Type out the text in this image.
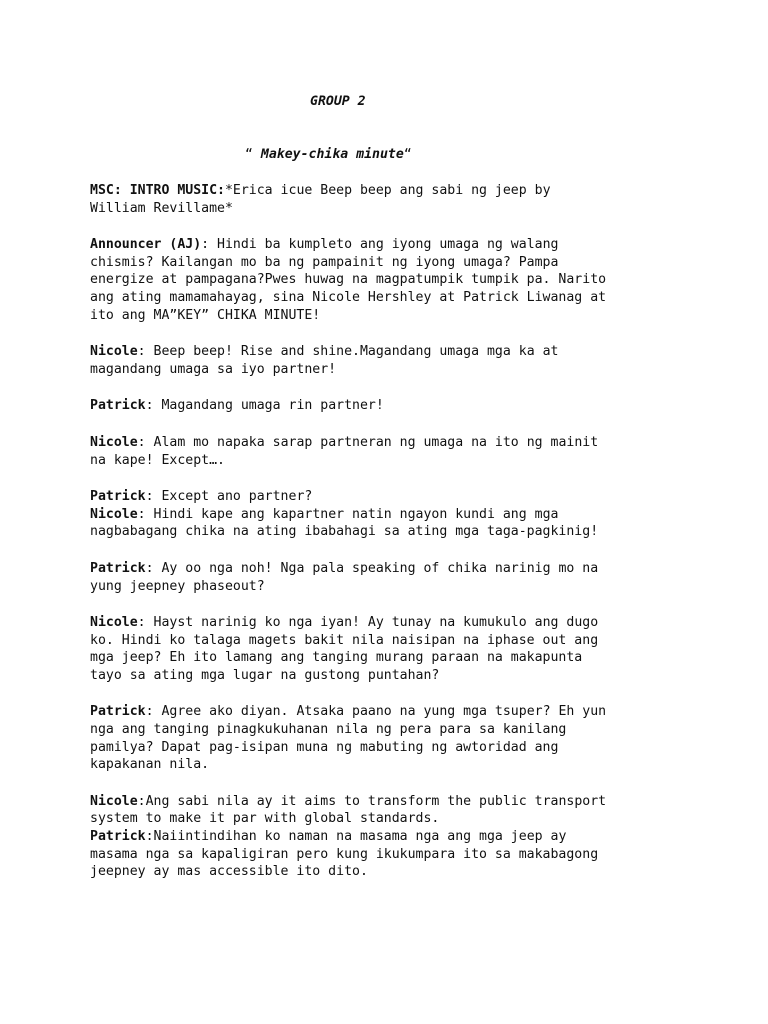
GROUP 2
“ Makey-chika minute“
MSC: INTRO MUSIC:*Erica icue Beep beep ang sabi ng jeep by
William Revillame*
Announcer (AJ): Hindi ba kumpleto ang iyong umaga ng walang
chismis? Kailangan mo ba ng pampainit ng iyong umaga? Pampa
energize at pampagana?Pwes huwag na magpatumpik tumpik pa. Narito
ang ating mamamahayag, sina Nicole Hershley at Patrick Liwanag at
ito ang MA”KEY” CHIKA MINUTE!
Nicole: Beep beep! Rise and shine.Magandang umaga mga ka at
magandang umaga sa iyo partner!
Patrick: Magandang umaga rin partner!
Nicole: Alam mo napaka sarap partneran ng umaga na ito ng mainit
na kape! Except….
Patrick: Except ano partner?
Nicole: Hindi kape ang kapartner natin ngayon kundi ang mga
nagbabagang chika na ating ibabahagi sa ating mga taga-pagkinig!
Patrick: Ay oo nga noh! Nga pala speaking of chika narinig mo na
yung jeepney phaseout?
Nicole: Hayst narinig ko nga iyan! Ay tunay na kumukulo ang dugo
ko. Hindi ko talaga magets bakit nila naisipan na iphase out ang
mga jeep? Eh ito lamang ang tanging murang paraan na makapunta
tayo sa ating mga lugar na gustong puntahan?
Patrick: Agree ako diyan. Atsaka paano na yung mga tsuper? Eh yun
nga ang tanging pinagkukuhanan nila ng pera para sa kanilang
pamilya? Dapat pag-isipan muna ng mabuting ng awtoridad ang
kapakanan nila.
Nicole:Ang sabi nila ay it aims to transform the public transport
system to make it par with global standards.
Patrick:Naiintindihan ko naman na masama nga ang mga jeep ay
masama nga sa kapaligiran pero kung ikukumpara ito sa makabagong
jeepney ay mas accessible ito dito.
